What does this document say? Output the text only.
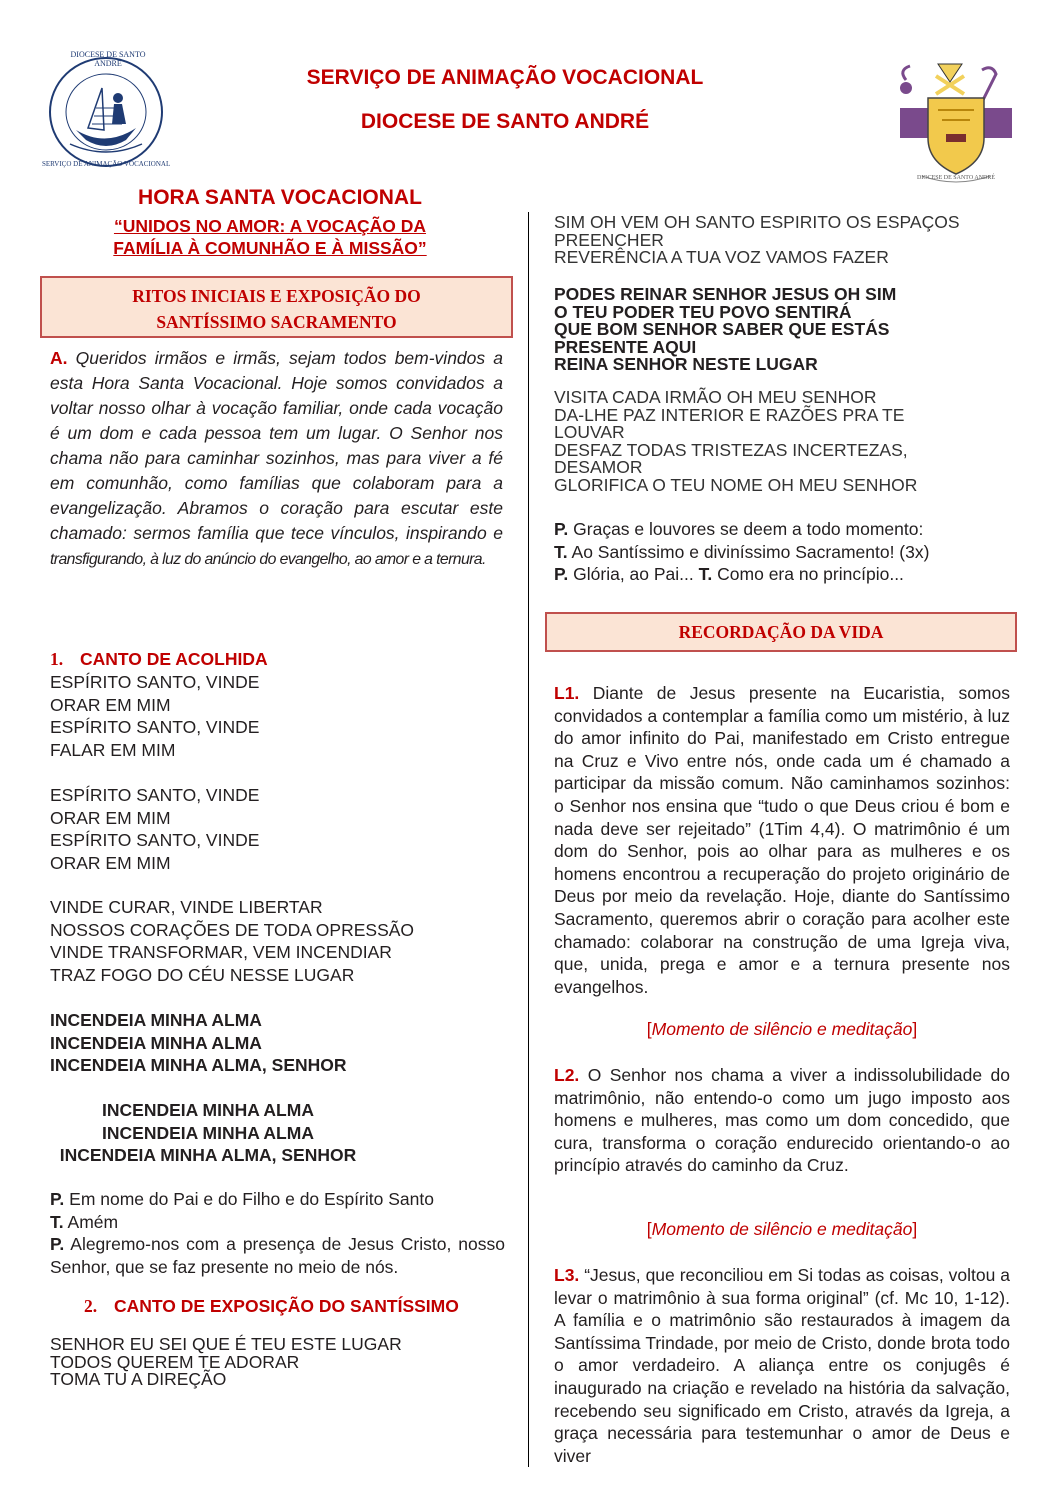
DIOCESE DE SANTO ANDRÉ
SERVIÇO DE ANIMAÇÃO VOCACIONAL
SERVIÇO DE ANIMAÇÃO VOCACIONAL
DIOCESE DE SANTO ANDRÉ
DIOCESE DE SANTO ANDRÉ
HORA SANTA VOCACIONAL
“UNIDOS NO AMOR: A VOCAÇÃO DA
FAMÍLIA À COMUNHÃO E À MISSÃO”
RITOS INICIAIS E EXPOSIÇÃO DO
SANTÍSSIMO SACRAMENTO
A. Queridos irmãos e irmãs, sejam todos bem-vindos a esta Hora Santa Vocacional. Hoje somos convidados a voltar nosso olhar à vocação familiar, onde cada vocação é um dom e cada pessoa tem um lugar. O Senhor nos chama não para caminhar sozinhos, mas para viver a fé em comunhão, como famílias que colaboram para a evangelização. Abramos o coração para escutar este chamado: sermos família que tece vínculos, inspirando e transfigurando, à luz do anúncio do evangelho, ao amor e a ternura.
1. CANTO DE ACOLHIDA
ESPÍRITO SANTO, VINDE
ORAR EM MIM
ESPÍRITO SANTO, VINDE
FALAR EM MIM
ESPÍRITO SANTO, VINDE
ORAR EM MIM
ESPÍRITO SANTO, VINDE
ORAR EM MIM
VINDE CURAR, VINDE LIBERTAR
NOSSOS CORAÇÕES DE TODA OPRESSÃO
VINDE TRANSFORMAR, VEM INCENDIAR
TRAZ FOGO DO CÉU NESSE LUGAR
INCENDEIA MINHA ALMA
INCENDEIA MINHA ALMA
INCENDEIA MINHA ALMA, SENHOR
INCENDEIA MINHA ALMA
INCENDEIA MINHA ALMA
INCENDEIA MINHA ALMA, SENHOR
P. Em nome do Pai e do Filho e do Espírito Santo
T. Amém
P. Alegremo-nos com a presença de Jesus Cristo, nosso Senhor, que se faz presente no meio de nós.
2. CANTO DE EXPOSIÇÃO DO SANTÍSSIMO
SENHOR EU SEI QUE É TEU ESTE LUGAR
TODOS QUEREM TE ADORAR
TOMA TU A DIREÇÃO
SIM OH VEM OH SANTO ESPIRITO OS ESPAÇOS
PREENCHER
REVERÊNCIA A TUA VOZ VAMOS FAZER
PODES REINAR SENHOR JESUS OH SIM
O TEU PODER TEU POVO SENTIRÁ
QUE BOM SENHOR SABER QUE ESTÁS
PRESENTE AQUI
REINA SENHOR NESTE LUGAR
VISITA CADA IRMÃO OH MEU SENHOR
DA-LHE PAZ INTERIOR E RAZÕES PRA TE
LOUVAR
DESFAZ TODAS TRISTEZAS INCERTEZAS,
DESAMOR
GLORIFICA O TEU NOME OH MEU SENHOR
P. Graças e louvores se deem a todo momento:
T. Ao Santíssimo e diviníssimo Sacramento! (3x)
P. Glória, ao Pai... T. Como era no princípio...
RECORDAÇÃO DA VIDA
L1. Diante de Jesus presente na Eucaristia, somos convidados a contemplar a família como um mistério, à luz do amor infinito do Pai, manifestado em Cristo entregue na Cruz e Vivo entre nós, onde cada um é chamado a participar da missão comum. Não caminhamos sozinhos: o Senhor nos ensina que “tudo o que Deus criou é bom e nada deve ser rejeitado” (1Tim 4,4). O matrimônio é um dom do Senhor, pois ao olhar para as mulheres e os homens encontrou a recuperação do projeto originário de Deus por meio da revelação. Hoje, diante do Santíssimo Sacramento, queremos abrir o coração para acolher este chamado: colaborar na construção de uma Igreja viva, que, unida, prega e amor e a ternura presente nos evangelhos.
[Momento de silêncio e meditação]
L2. O Senhor nos chama a viver a indissolubilidade do matrimônio, não entendo-o como um jugo imposto aos homens e mulheres, mas como um dom concedido, que cura, transforma o coração endurecido orientando-o ao princípio através do caminho da Cruz.
[Momento de silêncio e meditação]
L3. “Jesus, que reconciliou em Si todas as coisas, voltou a levar o matrimônio à sua forma original” (cf. Mc 10, 1-12). A família e o matrimônio são restaurados à imagem da Santíssima Trindade, por meio de Cristo, donde brota todo o amor verdadeiro. A aliança entre os conjugês é inaugurado na criação e revelado na história da salvação, recebendo seu significado em Cristo, através da Igreja, a graça necessária para testemunhar o amor de Deus e viver
